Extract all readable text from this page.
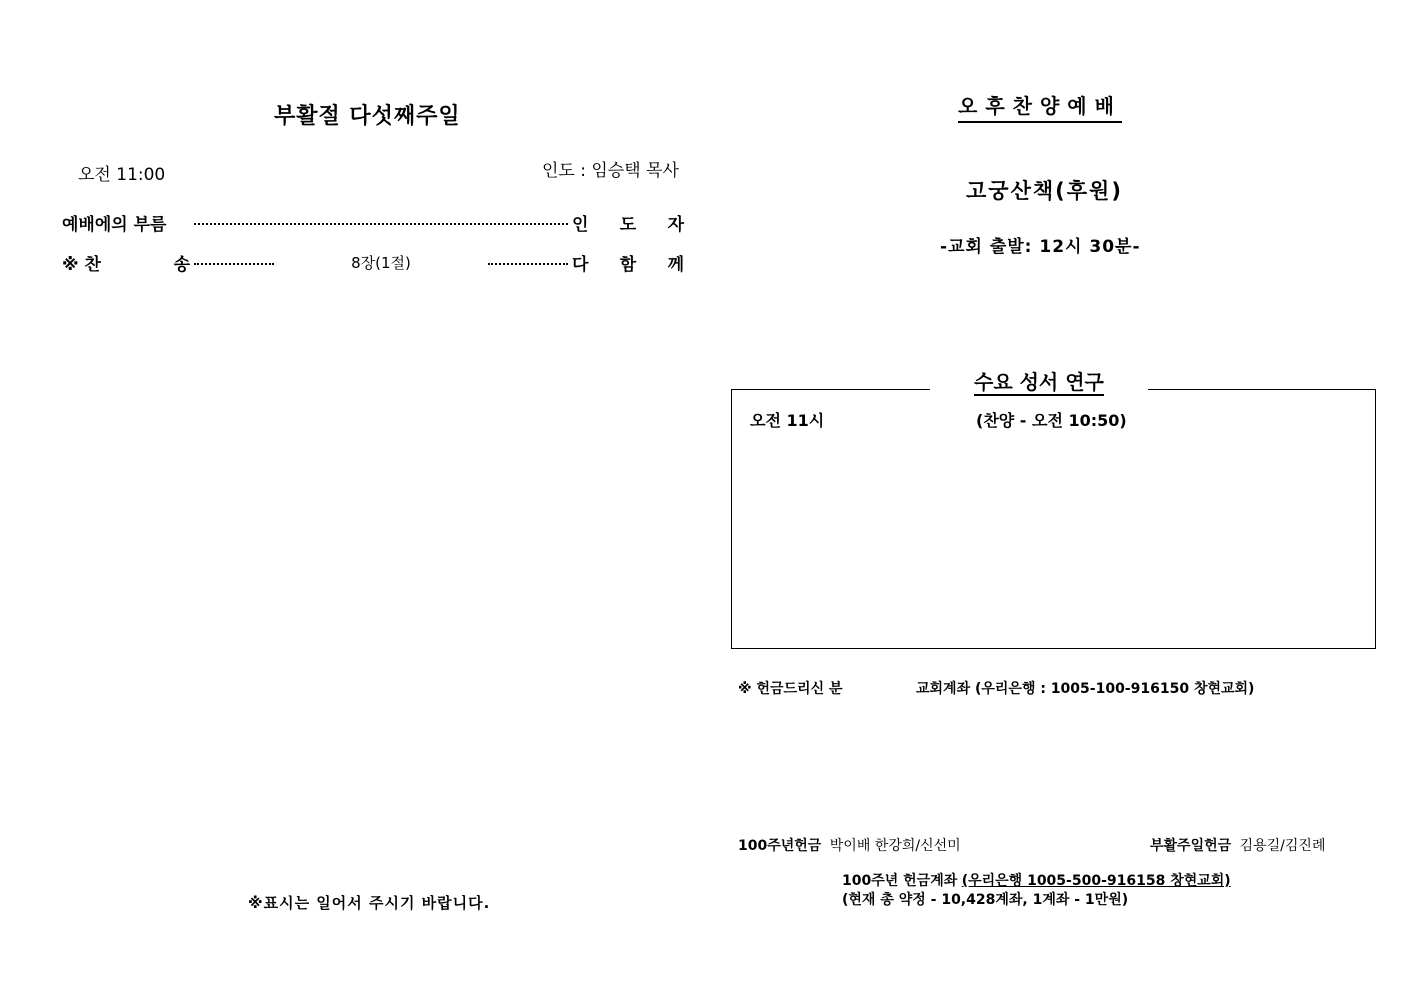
부활절 다섯째주일
오전 11:00	인도 : 임승택 목사
예배에의 부름	인 도 자
※ 찬	송	8장(1절)	다 함 께
※표시는 일어서 주시기 바랍니다.
오후찬양예배
고궁산책(후원)
-교회 출발: 12시 30분-
수요 성서 연구
오전 11시	(찬양 - 오전 10:50)
※ 헌금드리신 분	교회계좌 (우리은행 : 1005-100-916150 창현교회)
100주년헌금 박이배 한강희/신선미	부활주일헌금 김용길/김진례
100주년 헌금계좌 (우리은행 1005-500-916158 창현교회)
(현재 총 약정 - 10,428계좌, 1계좌 - 1만원)
